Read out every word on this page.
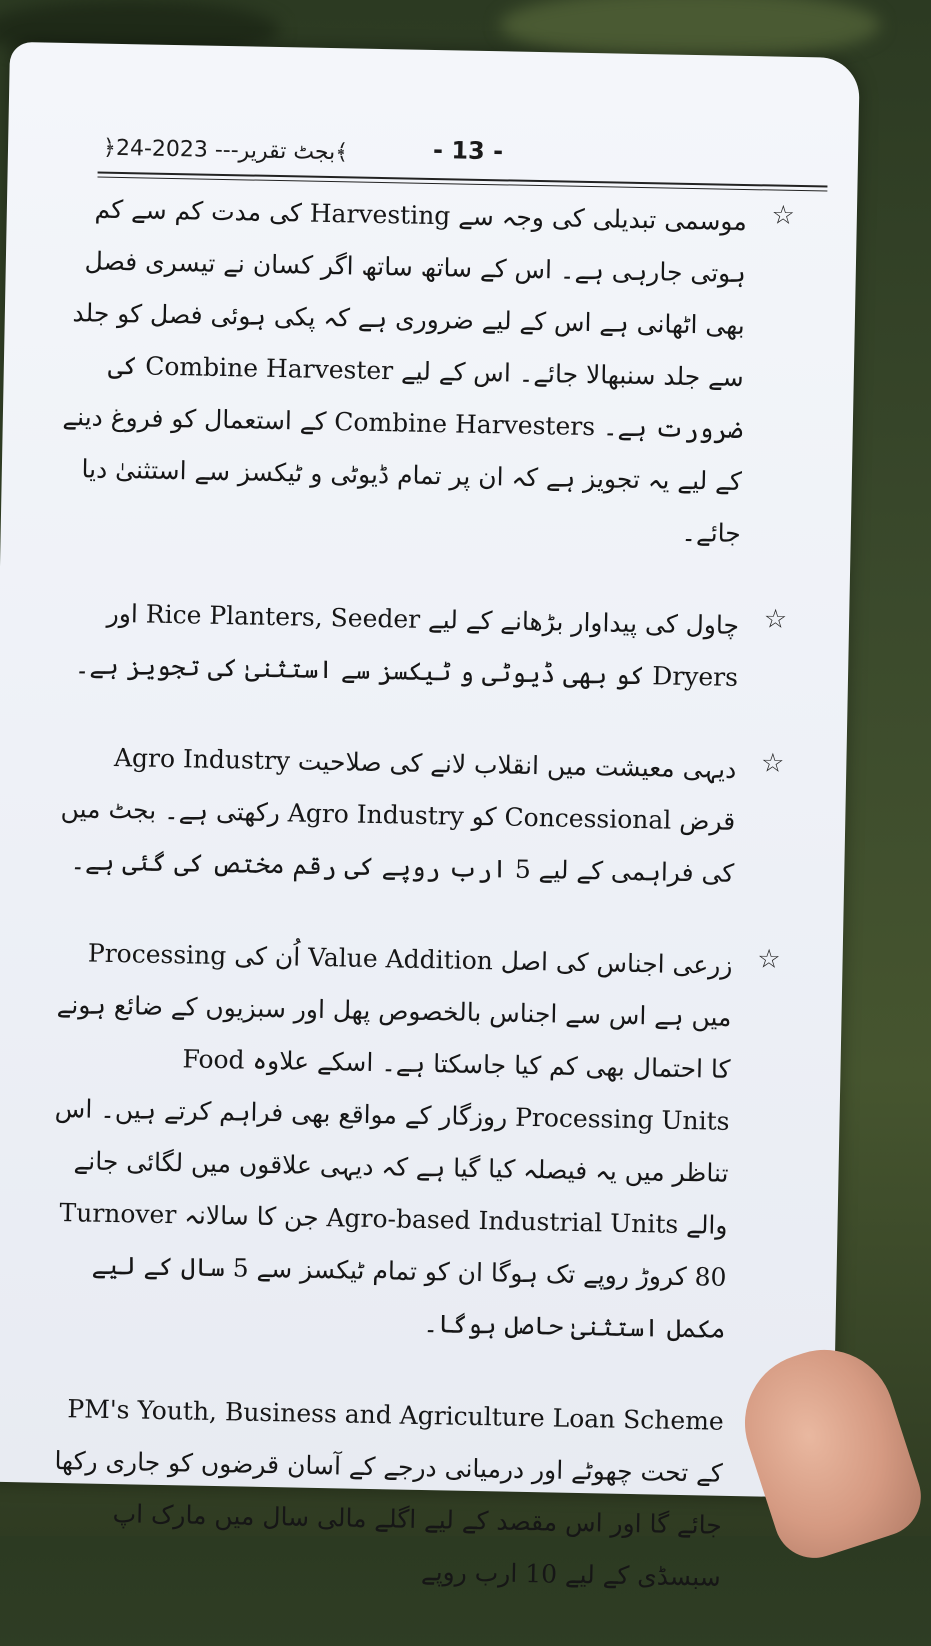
﴿بجٹ تقریر--- 2023-24﴾	- 13 -
☆

موسمی تبدیلی کی وجہ سے Harvesting کی مدت کم سے کم ہوتی جارہی ہے۔ اس کے ساتھ ساتھ اگر کسان نے تیسری فصل بھی اٹھانی ہے اس کے لیے ضروری ہے کہ پکی ہوئی فصل کو جلد سے جلد سنبھالا جائے۔ اس کے لیے Combine Harvester کی ضرورت ہے۔ Combine Harvesters کے استعمال کو فروغ دینے کے لیے یہ تجویز ہے کہ ان پر تمام ڈیوٹی و ٹیکسز سے استثنیٰ دیا جائے۔

☆

چاول کی پیداوار بڑھانے کے لیے Rice Planters, Seeder اور Dryers کو بھی ڈیوٹی و ٹیکسز سے استثنیٰ کی تجویز ہے۔

☆

Agro Industry دیہی معیشت میں انقلاب لانے کی صلاحیت رکھتی ہے۔ بجٹ میں Agro Industry کو Concessional قرض کی فراہمی کے لیے 5 ارب روپے کی رقم مختص کی گئی ہے۔

☆

زرعی اجناس کی اصل Value Addition اُن کی Processing میں ہے اس سے اجناس بالخصوص پھل اور سبزیوں کے ضائع ہونے کا احتمال بھی کم کیا جاسکتا ہے۔ اسکے علاوہ Food Processing Units روزگار کے مواقع بھی فراہم کرتے ہیں۔ اس تناظر میں یہ فیصلہ کیا گیا ہے کہ دیہی علاقوں میں لگائی جانے والے Agro-based Industrial Units جن کا سالانہ Turnover 80 کروڑ روپے تک ہوگا ان کو تمام ٹیکسز سے 5 سال کے لیے مکمل استثنیٰ حاصل ہوگا۔

PM's Youth, Business and Agriculture Loan Scheme کے تحت چھوٹے اور درمیانی درجے کے آسان قرضوں کو جاری رکھا جائے گا اور اس مقصد کے لیے اگلے مالی سال میں مارک اپ سبسڈی کے لیے 10 ارب روپے
